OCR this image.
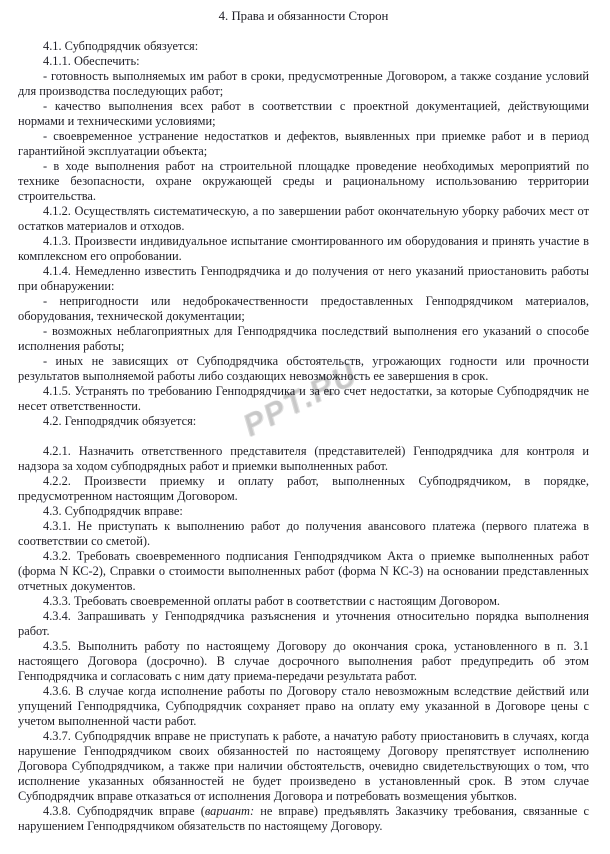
PPT.RU
4. Права и обязанности Сторон

4.1. Субподрядчик обязуется:

4.1.1. Обеспечить:

- готовность выполняемых им работ в сроки, предусмотренные Договором, а также создание условий для производства последующих работ;

- качество выполнения всех работ в соответствии с проектной документацией, действующими нормами и техническими условиями;

- своевременное устранение недостатков и дефектов, выявленных при приемке работ и в период гарантийной эксплуатации объекта;

- в ходе выполнения работ на строительной площадке проведение необходимых мероприятий по технике безопасности, охране окружающей среды и рациональному использованию территории строительства.

4.1.2. Осуществлять систематическую, а по завершении работ окончательную уборку рабочих мест от остатков материалов и отходов.

4.1.3. Произвести индивидуальное испытание смонтированного им оборудования и принять участие в комплексном его опробовании.

4.1.4. Немедленно известить Генподрядчика и до получения от него указаний приостановить работы при обнаружении:

- непригодности или недоброкачественности предоставленных Генподрядчиком материалов, оборудования, технической документации;

- возможных неблагоприятных для Генподрядчика последствий выполнения его указаний о способе исполнения работы;

- иных не зависящих от Субподрядчика обстоятельств, угрожающих годности или прочности результатов выполняемой работы либо создающих невозможность ее завершения в срок.

4.1.5. Устранять по требованию Генподрядчика и за его счет недостатки, за которые Субподрядчик не несет ответственности.

4.2. Генподрядчик обязуется:

4.2.1. Назначить ответственного представителя (представителей) Генподрядчика для контроля и надзора за ходом субподрядных работ и приемки выполненных работ.

4.2.2. Произвести приемку и оплату работ, выполненных Субподрядчиком, в порядке, предусмотренном настоящим Договором.

4.3. Субподрядчик вправе:

4.3.1. Не приступать к выполнению работ до получения авансового платежа (первого платежа в соответствии со сметой).

4.3.2. Требовать своевременного подписания Генподрядчиком Акта о приемке выполненных работ (форма N КС-2), Справки о стоимости выполненных работ (форма N КС-3) на основании представленных отчетных документов.

4.3.3. Требовать своевременной оплаты работ в соответствии с настоящим Договором.

4.3.4. Запрашивать у Генподрядчика разъяснения и уточнения относительно порядка выполнения работ.

4.3.5. Выполнить работу по настоящему Договору до окончания срока, установленного в п. 3.1 настоящего Договора (досрочно). В случае досрочного выполнения работ предупредить об этом Генподрядчика и согласовать с ним дату приема-передачи результата работ.

4.3.6. В случае когда исполнение работы по Договору стало невозможным вследствие действий или упущений Генподрядчика, Субподрядчик сохраняет право на оплату ему указанной в Договоре цены с учетом выполненной части работ.

4.3.7. Субподрядчик вправе не приступать к работе, а начатую работу приостановить в случаях, когда нарушение Генподрядчиком своих обязанностей по настоящему Договору препятствует исполнению Договора Субподрядчиком, а также при наличии обстоятельств, очевидно свидетельствующих о том, что исполнение указанных обязанностей не будет произведено в установленный срок. В этом случае Субподрядчик вправе отказаться от исполнения Договора и потребовать возмещения убытков.

4.3.8. Субподрядчик вправе (вариант: не вправе) предъявлять Заказчику требования, связанные с нарушением Генподрядчиком обязательств по настоящему Договору.
